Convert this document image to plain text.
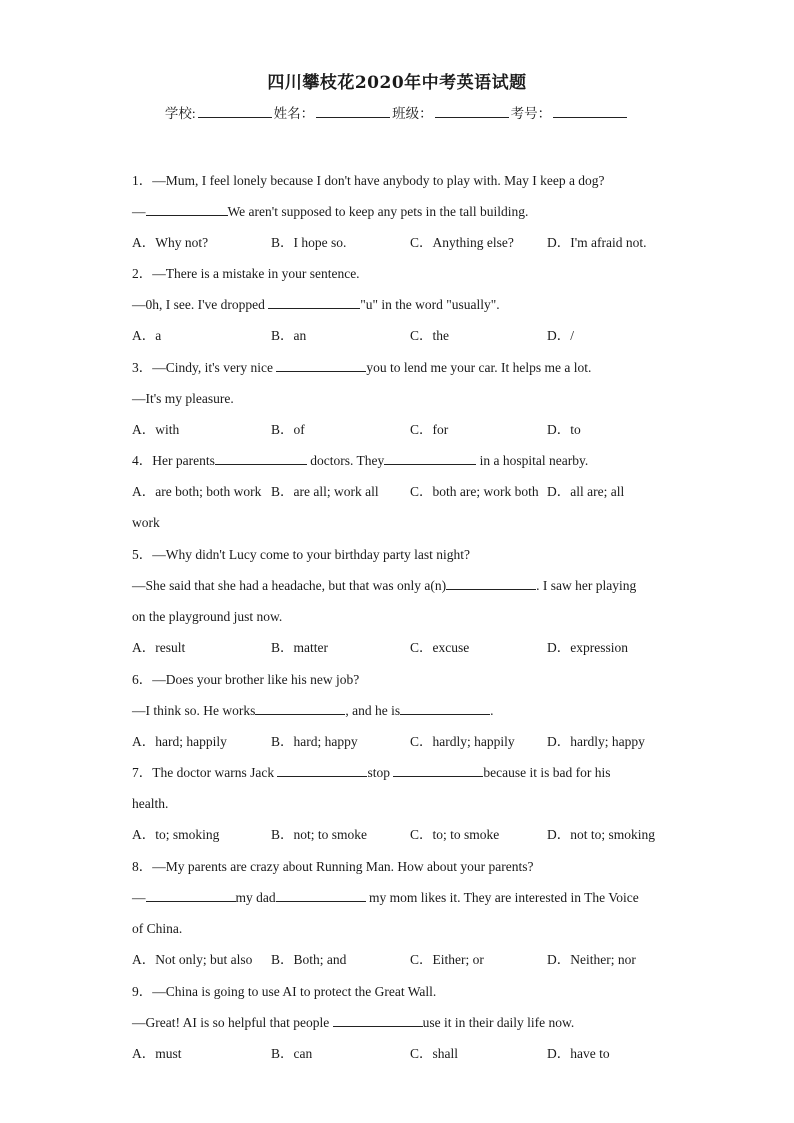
四川攀枝花2020年中考英语试题
学校:	姓名：	班级：	考号：
1．—Mum, I feel lonely because I don't have anybody to play with. May I keep a dog?
—	We aren't supposed to keep any pets in the tall building.
A．Why not?	B．I hope so.	C．Anything else? D．I'm afraid not.
2．—There is a mistake in your sentence.
—0h, I see. I've dropped	"u" in the word "usually".
A．a	B．an	C．the	D．/
3．—Cindy, it's very nice	you to lend me your car. It helps me a lot.
—It's my pleasure.
A．with	B．of	C．for	D．to
4．Her parents	doctors. They	in a hospital nearby.
A．are both; both work B．are all; work all C．both are; work both D．all are; all
work
5．—Why didn't Lucy come to your birthday party last night?
—She said that she had a headache, but that was only a(n)	. I saw her playing
on the playground just now.
A．result	B．matter	C．excuse	D．expression
6．—Does your brother like his new job?
—I think so. He works	, and he is	.
A．hard; happily	B．hard; happy	C．hardly; happily D．hardly; happy
7．The doctor warns Jack	stop	because it is bad for his
health.
A．to; smoking	B．not; to smoke	C．to; to smoke	D．not to; smoking
8．—My parents are crazy about Running Man. How about your parents?
—	my dad	my mom likes it. They are interested in The Voice
of China.
A．Not only; but also B．Both; and	C．Either; or	D．Neither; nor
9．—China is going to use AI to protect the Great Wall.
—Great! AI is so helpful that people	use it in their daily life now.
A．must	B．can	C．shall	D．have to
